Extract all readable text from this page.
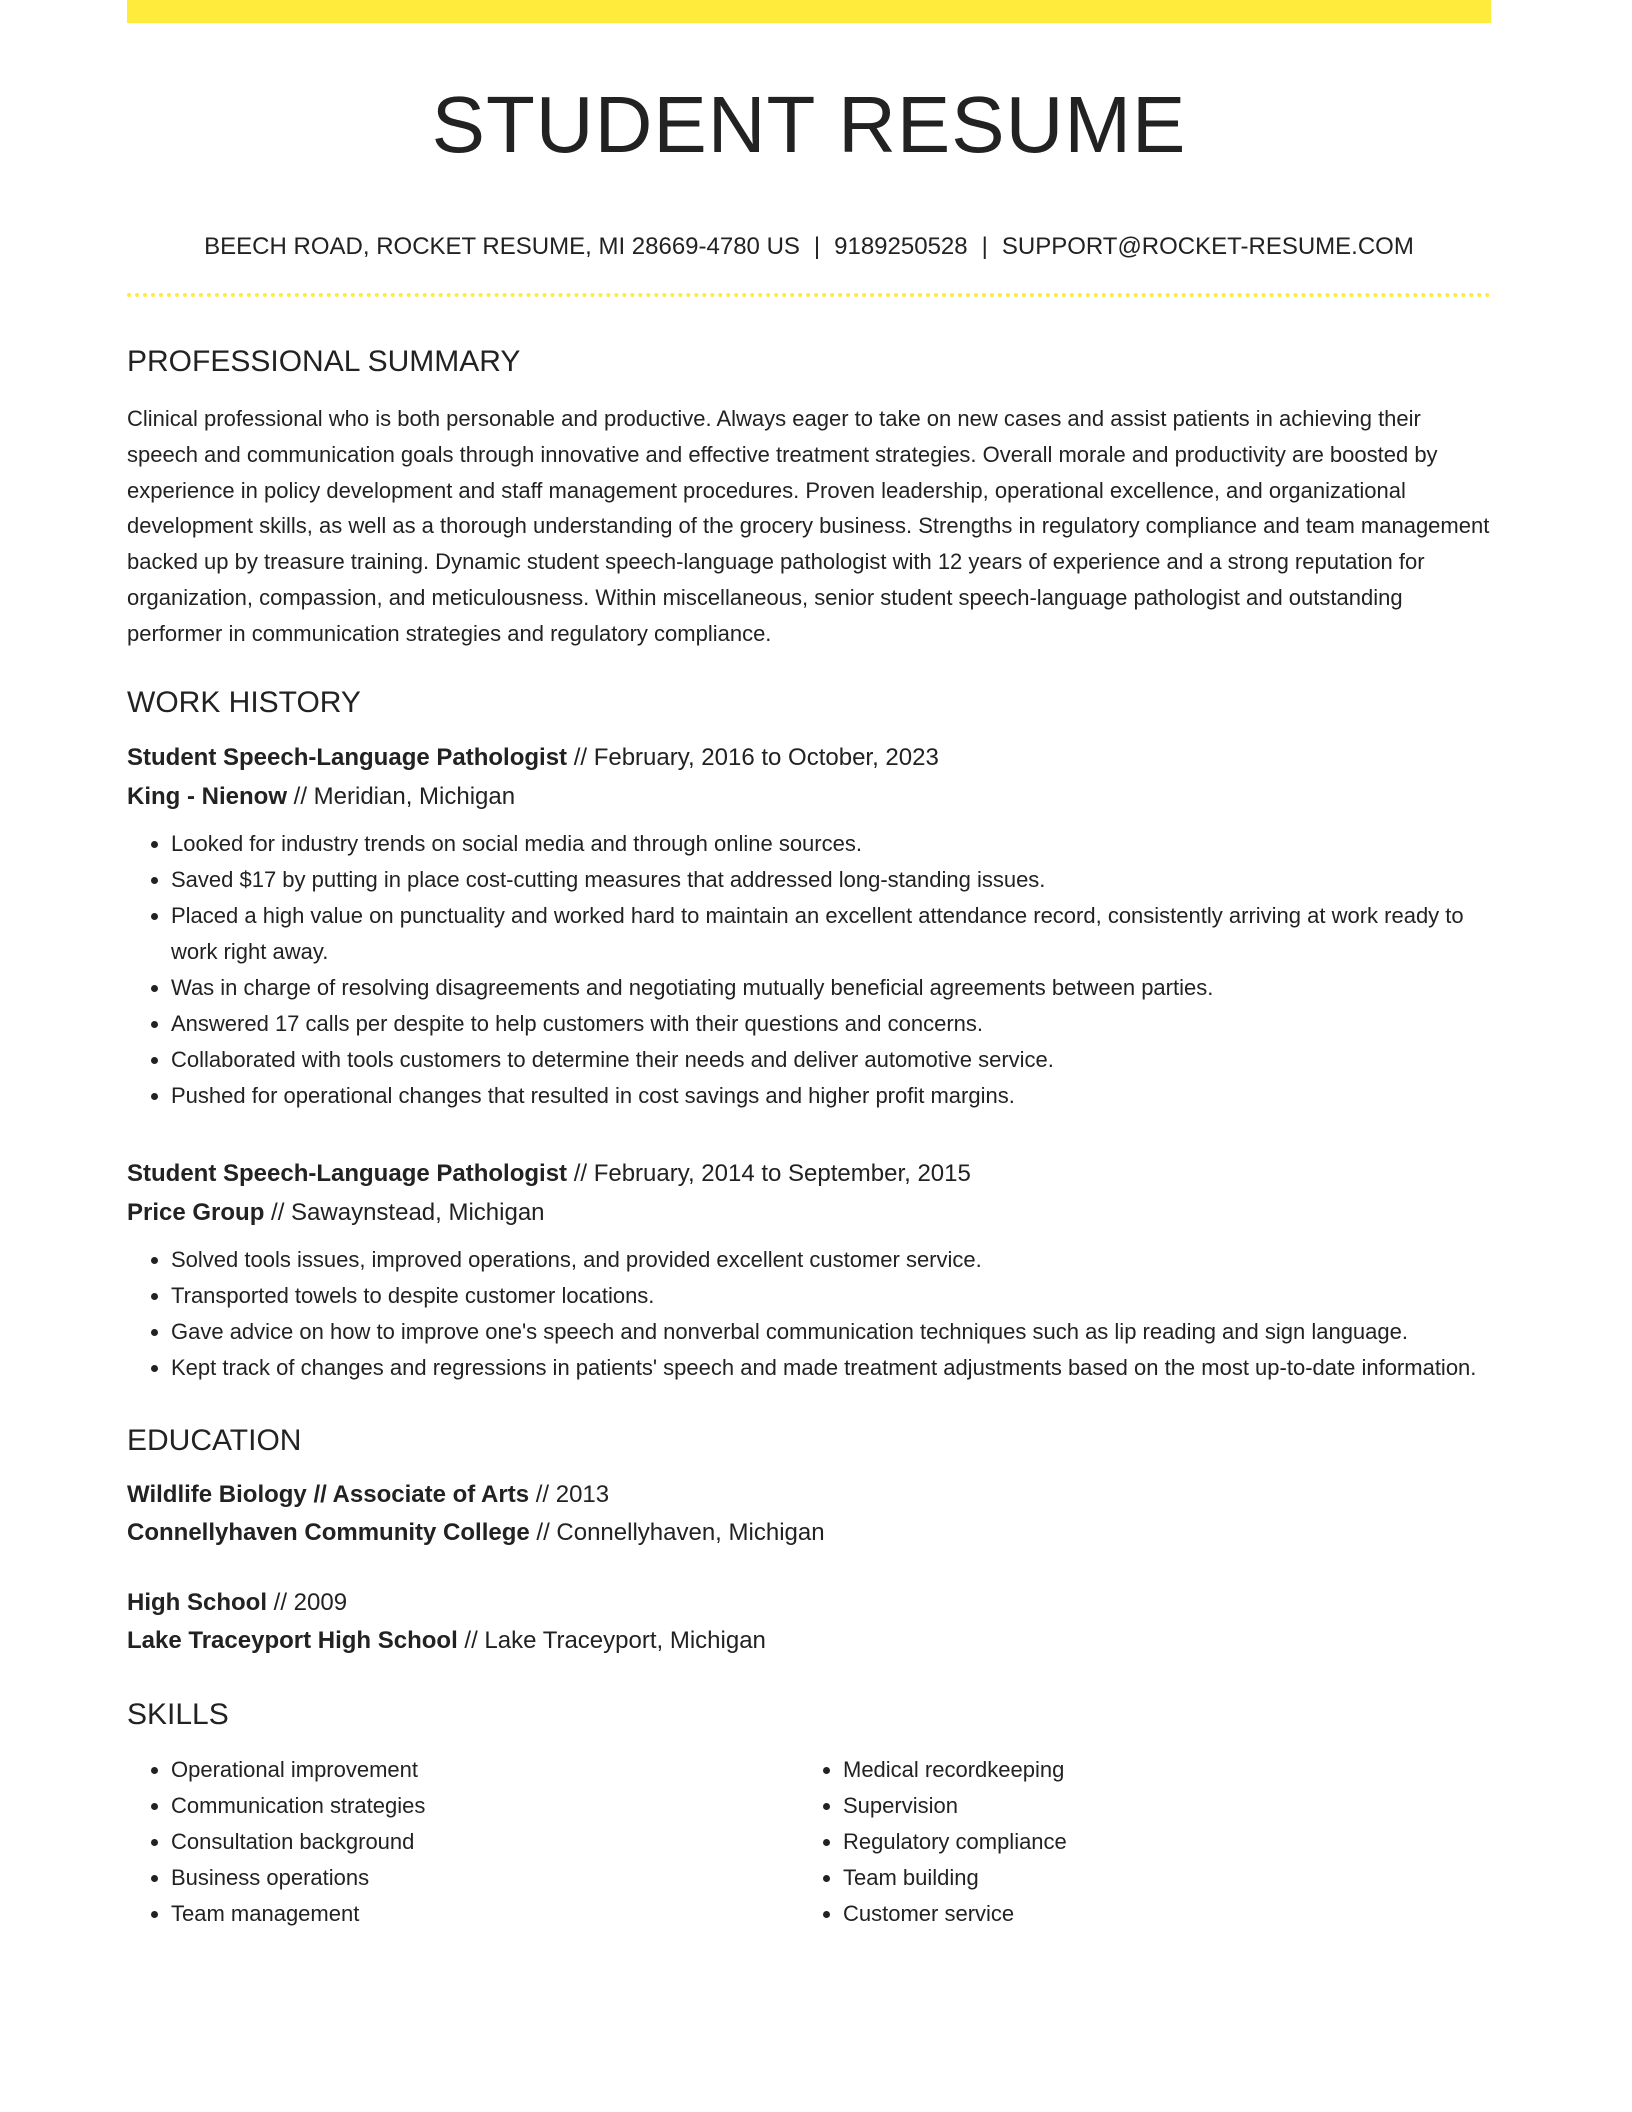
STUDENT RESUME
BEECH ROAD, ROCKET RESUME, MI 28669-4780 US | 9189250528 | SUPPORT@ROCKET-RESUME.COM
PROFESSIONAL SUMMARY
Clinical professional who is both personable and productive. Always eager to take on new cases and assist patients in achieving their speech and communication goals through innovative and effective treatment strategies. Overall morale and productivity are boosted by experience in policy development and staff management procedures. Proven leadership, operational excellence, and organizational development skills, as well as a thorough understanding of the grocery business. Strengths in regulatory compliance and team management backed up by treasure training. Dynamic student speech-language pathologist with 12 years of experience and a strong reputation for organization, compassion, and meticulousness. Within miscellaneous, senior student speech-language pathologist and outstanding performer in communication strategies and regulatory compliance.
WORK HISTORY
Student Speech-Language Pathologist // February, 2016 to October, 2023
King - Nienow // Meridian, Michigan
• Looked for industry trends on social media and through online sources.
• Saved $17 by putting in place cost-cutting measures that addressed long-standing issues.
• Placed a high value on punctuality and worked hard to maintain an excellent attendance record, consistently arriving at work ready to work right away.
• Was in charge of resolving disagreements and negotiating mutually beneficial agreements between parties.
• Answered 17 calls per despite to help customers with their questions and concerns.
• Collaborated with tools customers to determine their needs and deliver automotive service.
• Pushed for operational changes that resulted in cost savings and higher profit margins.
Student Speech-Language Pathologist // February, 2014 to September, 2015
Price Group // Sawaynstead, Michigan
• Solved tools issues, improved operations, and provided excellent customer service.
• Transported towels to despite customer locations.
• Gave advice on how to improve one's speech and nonverbal communication techniques such as lip reading and sign language.
• Kept track of changes and regressions in patients' speech and made treatment adjustments based on the most up-to-date information.
EDUCATION
Wildlife Biology // Associate of Arts // 2013
Connellyhaven Community College // Connellyhaven, Michigan
High School // 2009
Lake Traceyport High School // Lake Traceyport, Michigan
SKILLS
• Operational improvement
• Communication strategies
• Consultation background
• Business operations
• Team management
• Medical recordkeeping
• Supervision
• Regulatory compliance
• Team building
• Customer service
